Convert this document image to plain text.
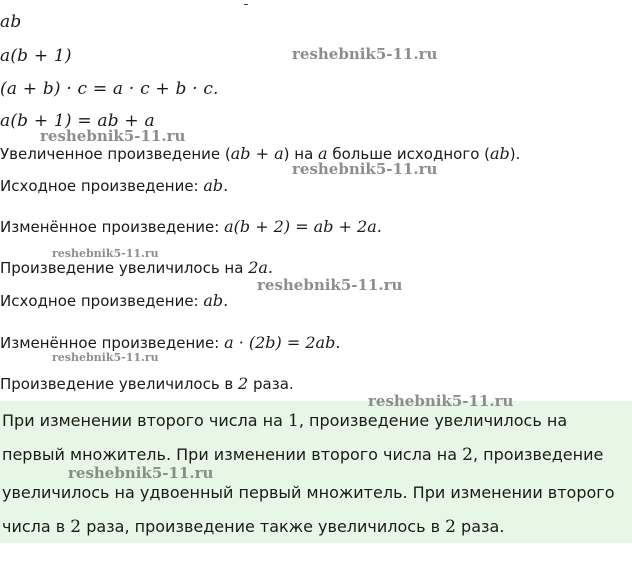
ab
a(b + 1)
(a + b) · c = a · c + b · c.
a(b + 1) = ab + a
Увеличенное произведение (ab + a) на a больше исходного (ab).
Исходное произведение: ab.
Изменённое произведение: a(b + 2) = ab + 2a.
Произведение увеличилось на 2a.
Исходное произведение: ab.
Изменённое произведение: a · (2b) = 2ab.
Произведение увеличилось в 2 раза.
При изменении второго числа на 1, произведение увеличилось на
первый множитель. При изменении второго числа на 2, произведение
увеличилось на удвоенный первый множитель. При изменении второго
числа в 2 раза, произведение также увеличилось в 2 раза.
reshebnik5-11.ru
reshebnik5-11.ru
reshebnik5-11.ru
reshebnik5-11.ru
reshebnik5-11.ru
reshebnik5-11.ru
reshebnik5-11.ru
reshebnik5-11.ru
